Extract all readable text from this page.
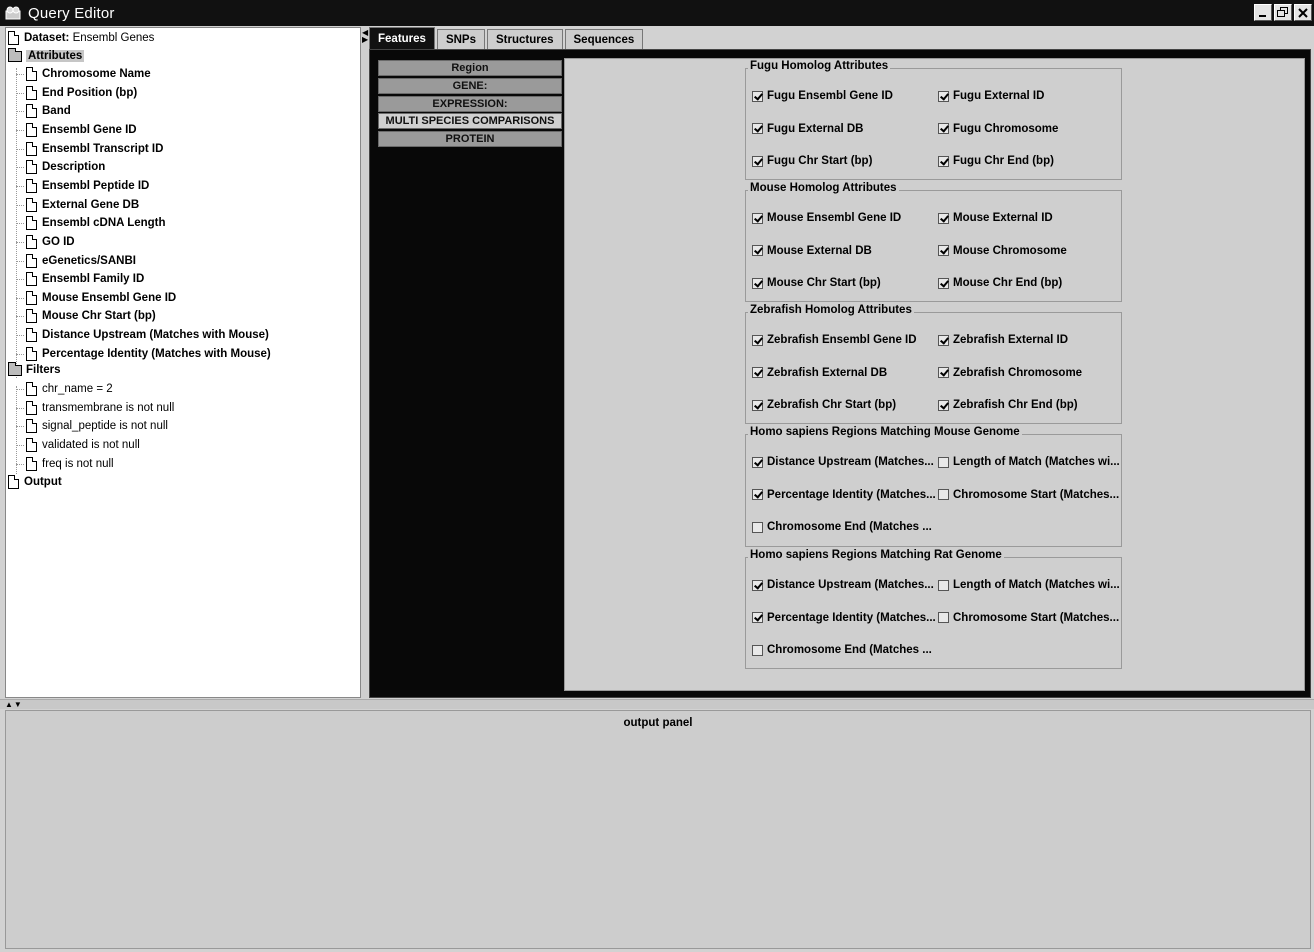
Query Editor
Dataset:
Ensembl Genes
Attributes
Chromosome Name
End Position (bp)
Band
Ensembl Gene ID
Ensembl Transcript ID
Description
Ensembl Peptide ID
External Gene DB
Ensembl cDNA Length
GO ID
eGenetics/SANBI
Ensembl Family ID
Mouse Ensembl Gene ID
Mouse Chr Start (bp)
Distance Upstream (Matches with Mouse)
Percentage Identity (Matches with Mouse)
Filters
chr_name = 2
transmembrane is not null
signal_peptide is not null
validated is not null
freq is not null
Output
◀
▶ Features	SNPs	Structures	Sequences
Region
GENE:
EXPRESSION:
MULTI SPECIES COMPARISONS
PROTEIN
Fugu Homolog Attributes
Fugu Ensembl Gene ID	Fugu External ID
Fugu External DB	Fugu Chromosome
Fugu Chr Start (bp)	Fugu Chr End (bp)
Mouse Homolog Attributes
Mouse Ensembl Gene ID	Mouse External ID
Mouse External DB	Mouse Chromosome
Mouse Chr Start (bp)	Mouse Chr End (bp)
Zebrafish Homolog Attributes
Zebrafish Ensembl Gene ID	Zebrafish External ID
Zebrafish External DB	Zebrafish Chromosome
Zebrafish Chr Start (bp)	Zebrafish Chr End (bp)
Homo sapiens Regions Matching Mouse Genome
Distance Upstream (Matches... Length of Match (Matches wi...
Percentage Identity (Matches... Chromosome Start (Matches...
Chromosome End (Matches ...
Homo sapiens Regions Matching Rat Genome
Distance Upstream (Matches... Length of Match (Matches wi...
Percentage Identity (Matches... Chromosome Start (Matches...
Chromosome End (Matches ...
▲▼
output panel
